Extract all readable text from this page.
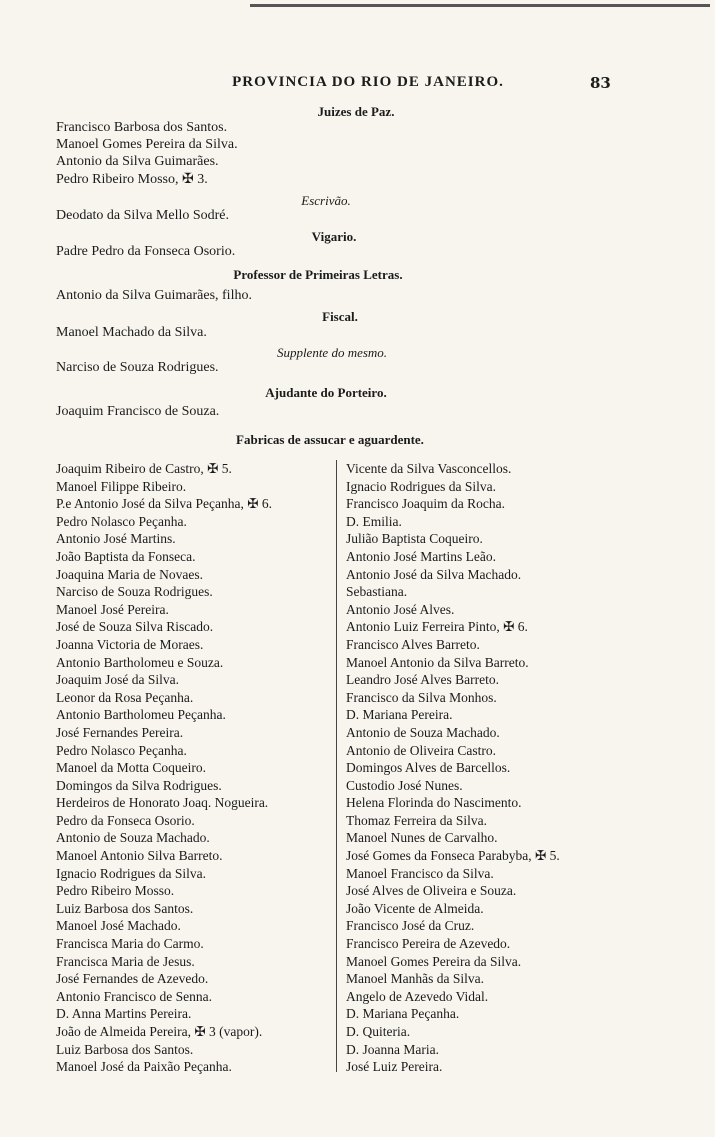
PROVINCIA DO RIO DE JANEIRO.	83
Juizes de Paz.
Francisco Barbosa dos Santos.
Manoel Gomes Pereira da Silva.
Antonio da Silva Guimarães.
Pedro Ribeiro Mosso, ✠ 3.
Escrivão.
Deodato da Silva Mello Sodré.
Vigario.
Padre Pedro da Fonseca Osorio.
Professor de Primeiras Letras.
Antonio da Silva Guimarães, filho.
Fiscal.
Manoel Machado da Silva.
Supplente do mesmo.
Narciso de Souza Rodrigues.
Ajudante do Porteiro.
Joaquim Francisco de Souza.
Fabricas de assucar e aguardente.
Joaquim Ribeiro de Castro, ✠ 5.
Manoel Filippe Ribeiro.
P.e Antonio José da Silva Peçanha, ✠ 6.
Pedro Nolasco Peçanha.
Antonio José Martins.
João Baptista da Fonseca.
Joaquina Maria de Novaes.
Narciso de Souza Rodrigues.
Manoel José Pereira.
José de Souza Silva Riscado.
Joanna Victoria de Moraes.
Antonio Bartholomeu e Souza.
Joaquim José da Silva.
Leonor da Rosa Peçanha.
Antonio Bartholomeu Peçanha.
José Fernandes Pereira.
Pedro Nolasco Peçanha.
Manoel da Motta Coqueiro.
Domingos da Silva Rodrigues.
Herdeiros de Honorato Joaq. Nogueira.
Pedro da Fonseca Osorio.
Antonio de Souza Machado.
Manoel Antonio Silva Barreto.
Ignacio Rodrigues da Silva.
Pedro Ribeiro Mosso.
Luiz Barbosa dos Santos.
Manoel José Machado.
Francisca Maria do Carmo.
Francisca Maria de Jesus.
José Fernandes de Azevedo.
Antonio Francisco de Senna.
D. Anna Martins Pereira.
João de Almeida Pereira, ✠ 3 (vapor).
Luiz Barbosa dos Santos.
Manoel José da Paixão Peçanha.
Vicente da Silva Vasconcellos.
Ignacio Rodrigues da Silva.
Francisco Joaquim da Rocha.
D. Emilia.
Julião Baptista Coqueiro.
Antonio José Martins Leão.
Antonio José da Silva Machado.
Sebastiana.
Antonio José Alves.
Antonio Luiz Ferreira Pinto, ✠ 6.
Francisco Alves Barreto.
Manoel Antonio da Silva Barreto.
Leandro José Alves Barreto.
Francisco da Silva Monhos.
D. Mariana Pereira.
Antonio de Souza Machado.
Antonio de Oliveira Castro.
Domingos Alves de Barcellos.
Custodio José Nunes.
Helena Florinda do Nascimento.
Thomaz Ferreira da Silva.
Manoel Nunes de Carvalho.
José Gomes da Fonseca Parabyba, ✠ 5.
Manoel Francisco da Silva.
José Alves de Oliveira e Souza.
João Vicente de Almeida.
Francisco José da Cruz.
Francisco Pereira de Azevedo.
Manoel Gomes Pereira da Silva.
Manoel Manhãs da Silva.
Angelo de Azevedo Vidal.
D. Mariana Peçanha.
D. Quiteria.
D. Joanna Maria.
José Luiz Pereira.
